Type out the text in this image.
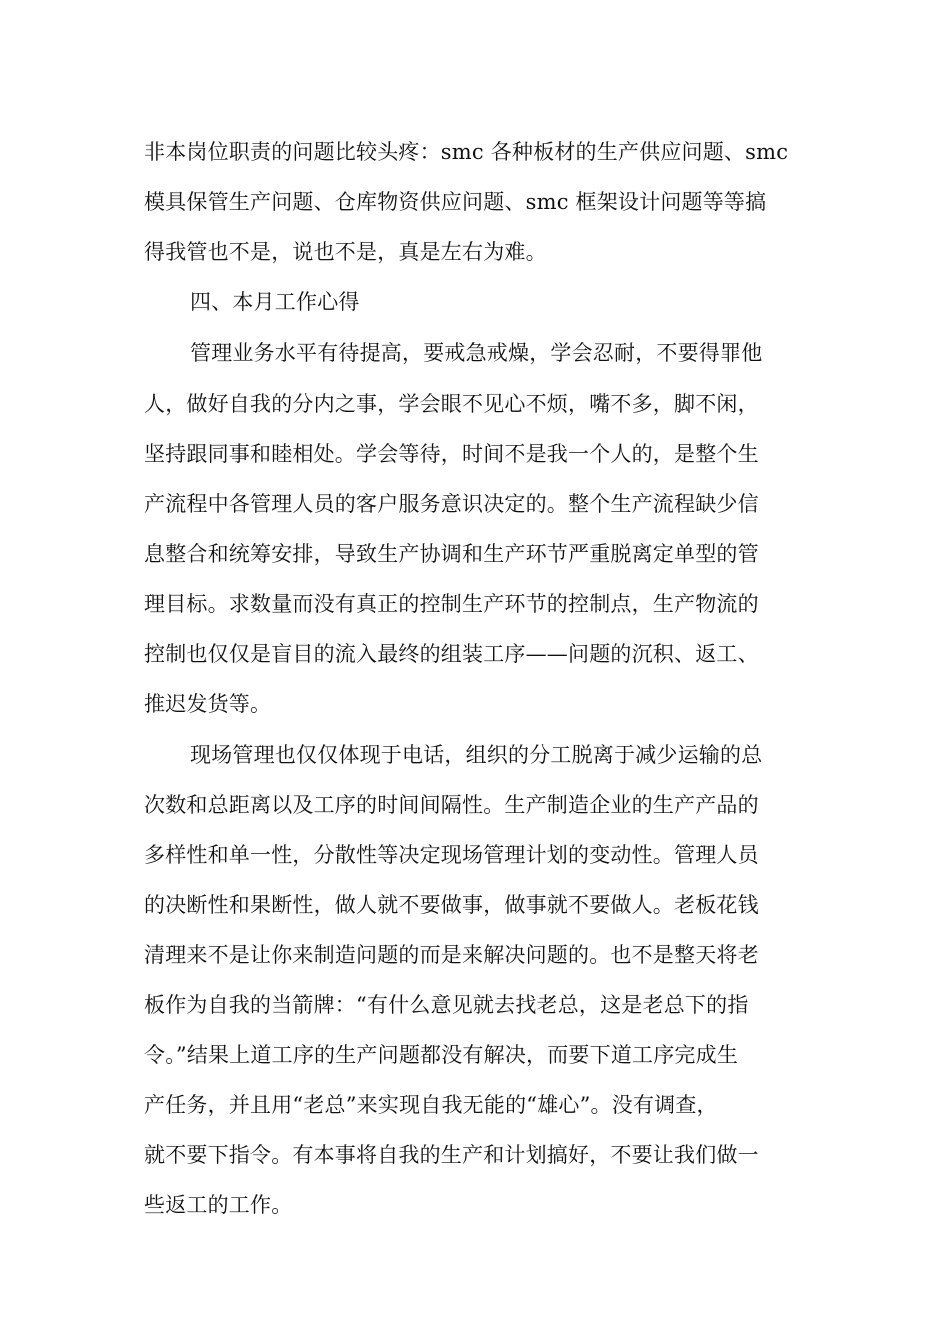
非本岗位职责的问题比较头疼：smc 各种板材的生产供应问题、smc
模具保管生产问题、仓库物资供应问题、smc 框架设计问题等等搞
得我管也不是，说也不是，真是左右为难。
四、本月工作心得
管理业务水平有待提高，要戒急戒燥，学会忍耐，不要得罪他
人，做好自我的分内之事，学会眼不见心不烦，嘴不多，脚不闲，
坚持跟同事和睦相处。学会等待，时间不是我一个人的，是整个生
产流程中各管理人员的客户服务意识决定的。整个生产流程缺少信
息整合和统筹安排，导致生产协调和生产环节严重脱离定单型的管
理目标。求数量而没有真正的控制生产环节的控制点，生产物流的
控制也仅仅是盲目的流入最终的组装工序——问题的沉积、返工、
推迟发货等。
现场管理也仅仅体现于电话，组织的分工脱离于减少运输的总
次数和总距离以及工序的时间间隔性。生产制造企业的生产产品的
多样性和单一性，分散性等决定现场管理计划的变动性。管理人员
的决断性和果断性，做人就不要做事，做事就不要做人。老板花钱
清理来不是让你来制造问题的而是来解决问题的。也不是整天将老
板作为自我的当箭牌：“有什么意见就去找老总，这是老总下的指
令。”结果上道工序的生产问题都没有解决，而要下道工序完成生
产任务，并且用“老总”来实现自我无能的“雄心”。没有调查，
就不要下指令。有本事将自我的生产和计划搞好，不要让我们做一
些返工的工作。
